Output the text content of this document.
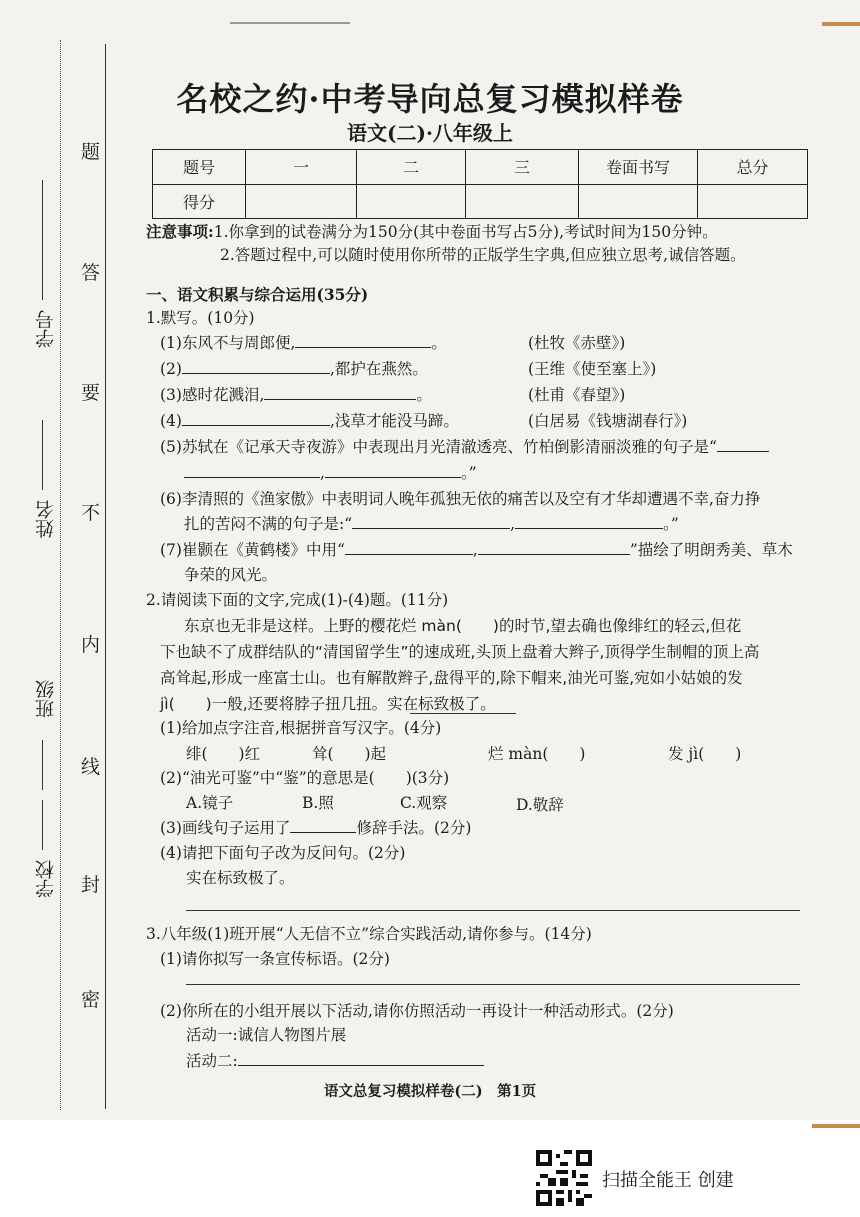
题
答
要
不
内
线
封
密
学号
姓名
班级
学校
名校之约·中考导向总复习模拟样卷
语文(二)·八年级上
题号	一	二	三	卷面书写	总分
得分					
注意事项:1.你拿到的试卷满分为150分(其中卷面书写占5分),考试时间为150分钟。
2.答题过程中,可以随时使用你所带的正版学生字典,但应独立思考,诚信答题。
一、语文积累与综合运用(35分)
1.默写。(10分)
(1)东风不与周郎便,	。	(杜牧《赤壁》)
(2)	,都护在燕然。	(王维《使至塞上》)
(3)感时花溅泪,	。	(杜甫《春望》)
(4)	,浅草才能没马蹄。	(白居易《钱塘湖春行》)
(5)苏轼在《记承天寺夜游》中表现出月光清澈透亮、竹柏倒影清丽淡雅的句子是“
,	。”
(6)李清照的《渔家傲》中表明词人晚年孤独无依的痛苦以及空有才华却遭遇不幸,奋力挣
扎的苦闷不满的句子是:“	,	。”
(7)崔颢在《黄鹤楼》中用“	,	”描绘了明朗秀美、草木
争荣的风光。
2.请阅读下面的文字,完成(1)-(4)题。(11分)
东京也无非是这样。上野的樱花烂 màn(　　)的时节,望去确也像绯红的轻云,但花
下也缺不了成群结队的“清国留学生”的速成班,头顶上盘着大辫子,顶得学生制帽的顶上高
高耸起,形成一座富士山。也有解散辫子,盘得平的,除下帽来,油光可鉴,宛如小姑娘的发
jì(　　)一般,还要将脖子扭几扭。实在标致极了。
(1)给加点字注音,根据拼音写汉字。(4分)
绯(　　)红	耸(　　)起	烂 màn(　　)	发 jì(　　)
(2)“油光可鉴”中“鉴”的意思是(　　)(3分)
A.镜子	B.照	C.观察	D.敬辞
(3)画线句子运用了	修辞手法。(2分)
(4)请把下面句子改为反问句。(2分)
实在标致极了。
3.八年级(1)班开展“人无信不立”综合实践活动,请你参与。(14分)
(1)请你拟写一条宣传标语。(2分)
(2)你所在的小组开展以下活动,请你仿照活动一再设计一种活动形式。(2分)
活动一:诚信人物图片展
活动二:
语文总复习模拟样卷(二)　第1页
扫描全能王 创建
